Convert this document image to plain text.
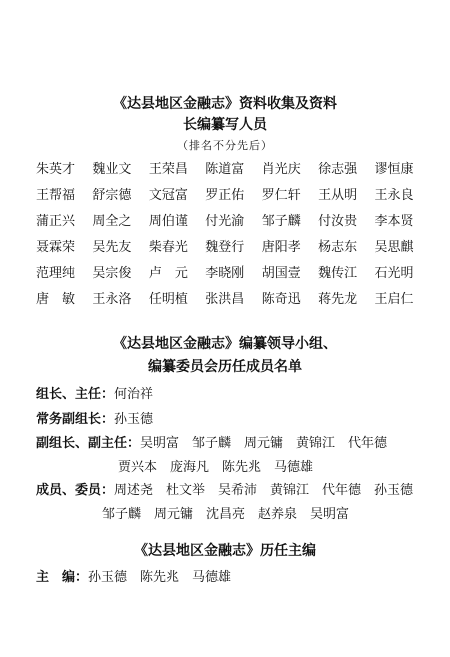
《达县地区金融志》资料收集及资料
长编纂写人员
（排名不分先后）
朱英才	魏业文	王荣昌	陈道富	肖光庆	徐志强	谬恒康
王帮福	舒宗德	文冠富	罗正佑	罗仁轩	王从明	王永良
蒲正兴	周全之	周伯谨	付光渝	邹子麟	付汝贵	李本贤
聂霖荣	吴先友	柴春光	魏登行	唐阳孝	杨志东	吴思麒
范理纯	吴宗俊	卢　元	李晓刚	胡国壹	魏传江	石光明
唐　敏	王永洛	任明植	张洪昌	陈奇迅	蒋先龙	王启仁
《达县地区金融志》编纂领导小组、
编纂委员会历任成员名单
组长、主任：何治祥
常务副组长：孙玉德
副组长、副主任：吴明富　邹子麟　周元镛　黄锦江　代年德
贾兴本　庞海凡　陈先兆　马德雄
成员、委员：周述尧　杜文举　吴希沛　黄锦江　代年德　孙玉德
邹子麟　周元镛　沈昌亮　赵养泉　吴明富
《达县地区金融志》历任主编
主　编：孙玉德　陈先兆　马德雄
